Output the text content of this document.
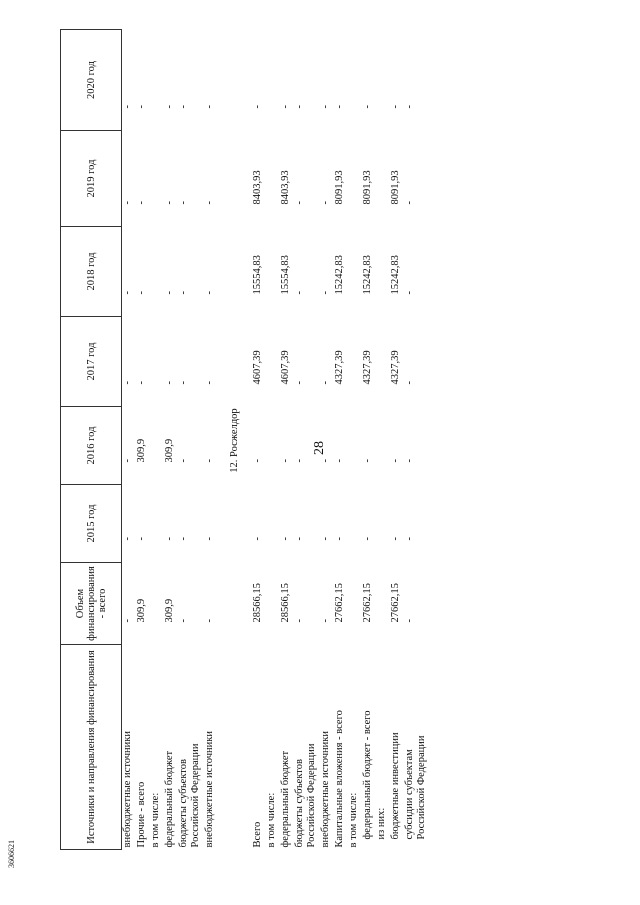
28
3606621
Источники и направления финансирования	Объем финансирования - всего	2015 год	2016 год	2017 год	2018 год	2019 год	2020 год

внебюджетные источники	-	-	-	-	-	-	-

Прочие - всего	309,9	-	309,9	-	-	-	-

в том числе:							

федеральный бюджет	309,9	-	309,9	-	-	-	-

бюджеты субъектов Российской Федерации	-	-	-	-	-	-	-

внебюджетные источники	-	-	-	-	-	-	-
12. Росжелдор							

Всего	28566,15	-	-	4607,39	15554,83	8403,93	-

в том числе:							

федеральный бюджет	28566,15	-	-	4607,39	15554,83	8403,93	-

бюджеты субъектов Российской Федерации	-	-	-	-	-	-	-

внебюджетные источники	-	-	-	-	-	-	-

Капитальные вложения - всего	27662,15	-	-	4327,39	15242,83	8091,93	-

в том числе:							

федеральный бюджет - всего	27662,15	-	-	4327,39	15242,83	8091,93	-

из них:							

бюджетные инвестиции	27662,15	-	-	4327,39	15242,83	8091,93	-

субсидии субъектам Российской Федерации	-	-	-	-	-	-	-
